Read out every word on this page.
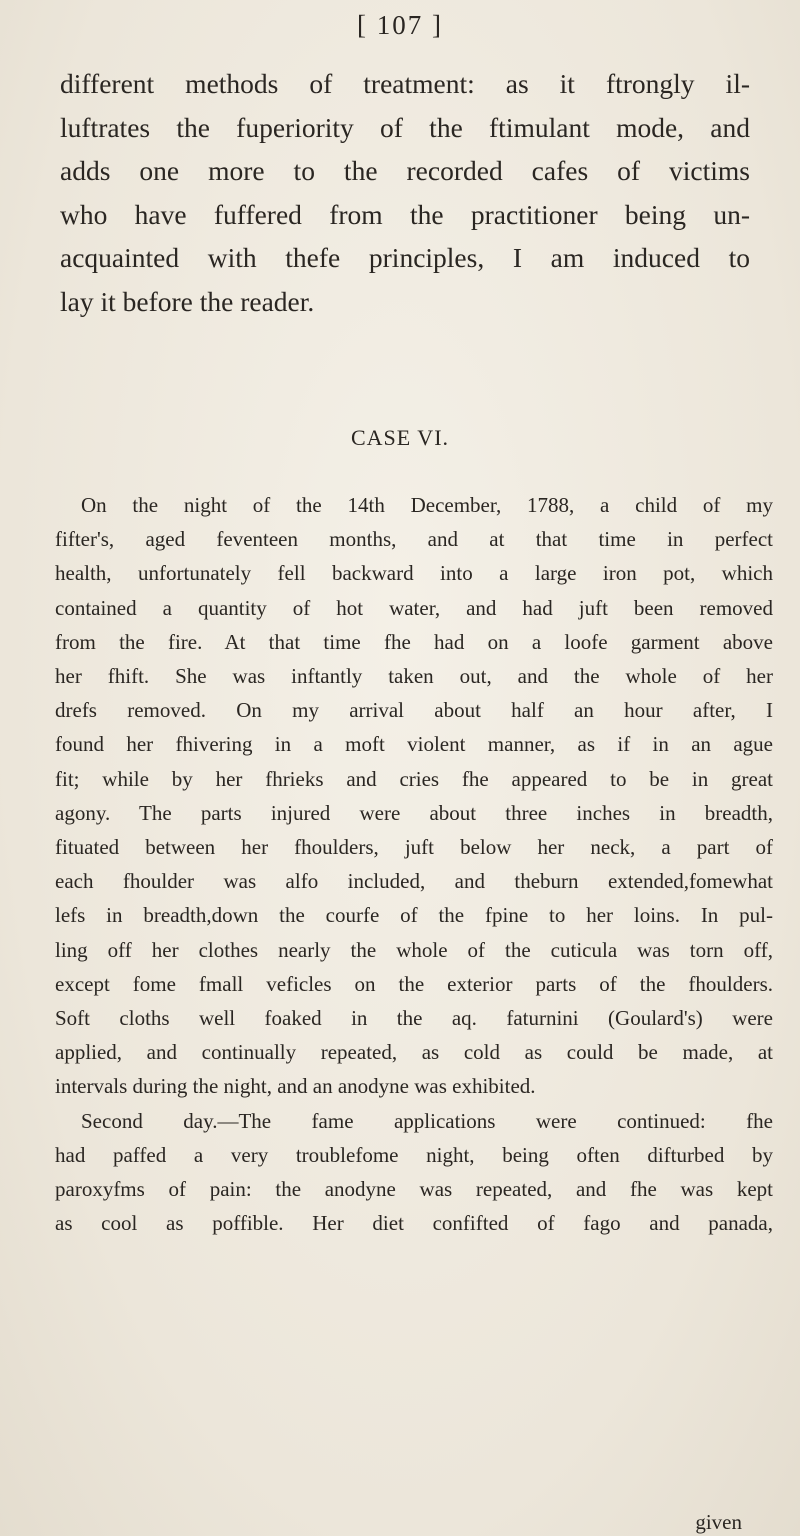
[ 107 ]
different methods of treatment: as it ftrongly il-
luftrates the fuperiority of the ftimulant mode, and
adds one more to the recorded cafes of victims
who have fuffered from the practitioner being un-
acquainted with thefe principles, I am induced to
lay it before the reader.
CASE VI.
On the night of the 14th December, 1788, a child of my
fifter's, aged feventeen months, and at that time in perfect
health, unfortunately fell backward into a large iron pot, which
contained a quantity of hot water, and had juft been removed
from the fire. At that time fhe had on a loofe garment above
her fhift. She was inftantly taken out, and the whole of her
drefs removed. On my arrival about half an hour after, I
found her fhivering in a moft violent manner, as if in an ague
fit; while by her fhrieks and cries fhe appeared to be in great
agony. The parts injured were about three inches in breadth,
fituated between her fhoulders, juft below her neck, a part of
each fhoulder was alfo included, and theburn extended,fomewhat
lefs in breadth,down the courfe of the fpine to her loins. In pul-
ling off her clothes nearly the whole of the cuticula was torn off,
except fome fmall veficles on the exterior parts of the fhoulders.
Soft cloths well foaked in the aq. faturnini (Goulard's) were
applied, and continually repeated, as cold as could be made, at
intervals during the night, and an anodyne was exhibited.
Second day.—The fame applications were continued: fhe
had paffed a very troublefome night, being often difturbed by
paroxyfms of pain: the anodyne was repeated, and fhe was kept
as cool as poffible. Her diet confifted of fago and panada,
given
